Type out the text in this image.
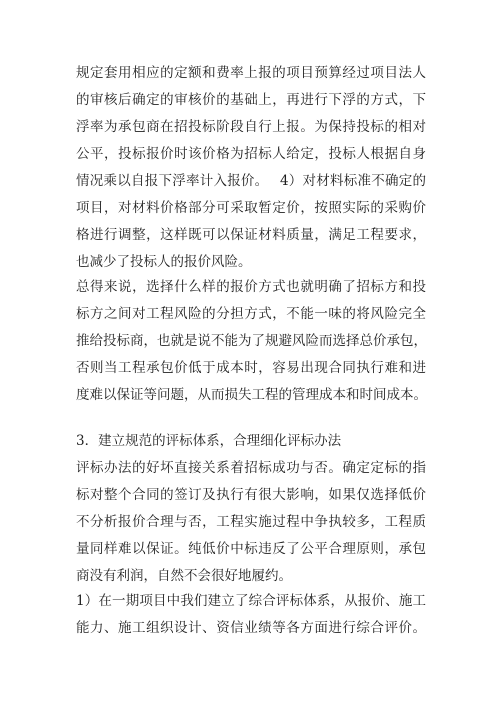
规定套用相应的定额和费率上报的项目预算经过项目法人
的审核后确定的审核价的基础上，再进行下浮的方式，下
浮率为承包商在招投标阶段自行上报。为保持投标的相对
公平，投标报价时该价格为招标人给定，投标人根据自身
情况乘以自报下浮率计入报价。　 4）对材料标准不确定的
项目，对材料价格部分可采取暂定价，按照实际的采购价
格进行调整，这样既可以保证材料质量，满足工程要求，
也减少了投标人的报价风险。
总得来说，选择什么样的报价方式也就明确了招标方和投
标方之间对工程风险的分担方式，不能一味的将风险完全
推给投标商，也就是说不能为了规避风险而选择总价承包，
否则当工程承包价低于成本时，容易出现合同执行难和进
度难以保证等问题，从而损失工程的管理成本和时间成本。
3．建立规范的评标体系，合理细化评标办法
评标办法的好坏直接关系着招标成功与否。确定定标的指
标对整个合同的签订及执行有很大影响，如果仅选择低价
不分析报价合理与否，工程实施过程中争执较多，工程质
量同样难以保证。纯低价中标违反了公平合理原则，承包
商没有利润，自然不会很好地履约。
1）在一期项目中我们建立了综合评标体系，从报价、施工
能力、施工组织设计、资信业绩等各方面进行综合评价。
